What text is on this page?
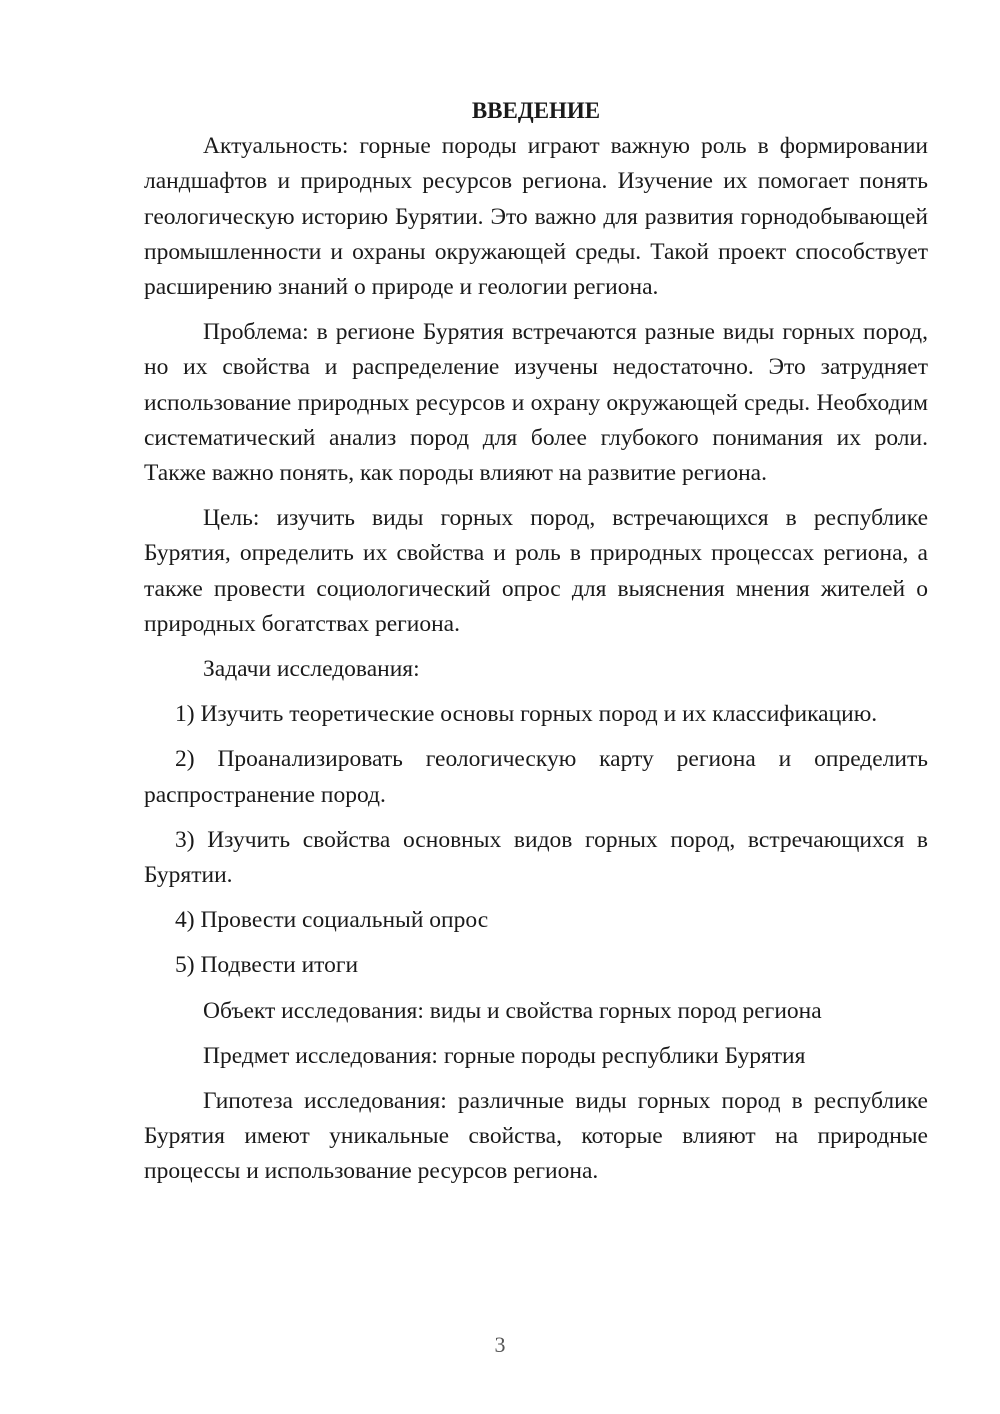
ВВЕДЕНИЕ

Актуальность: горные породы играют важную роль в формировании ландшафтов и природных ресурсов региона. Изучение их помогает понять геологическую историю Бурятии. Это важно для развития горнодобывающей промышленности и охраны окружающей среды. Такой проект способствует расширению знаний о природе и геологии региона.

Проблема: в регионе Бурятия встречаются разные виды горных пород, но их свойства и распределение изучены недостаточно. Это затрудняет использование природных ресурсов и охрану окружающей среды. Необходим систематический анализ пород для более глубокого понимания их роли. Также важно понять, как породы влияют на развитие региона.

Цель: изучить виды горных пород, встречающихся в республике Бурятия, определить их свойства и роль в природных процессах региона, а также провести социологический опрос для выяснения мнения жителей о природных богатствах региона.

Задачи исследования:

1) Изучить теоретические основы горных пород и их классификацию.

2) Проанализировать геологическую карту региона и определить распространение пород.

3) Изучить свойства основных видов горных пород, встречающихся в Бурятии.

4) Провести социальный опрос

5) Подвести итоги

Объект исследования: виды и свойства горных пород региона

Предмет исследования: горные породы республики Бурятия

Гипотеза исследования: различные виды горных пород в республике Бурятия имеют уникальные свойства, которые влияют на природные процессы и использование ресурсов региона.

3
